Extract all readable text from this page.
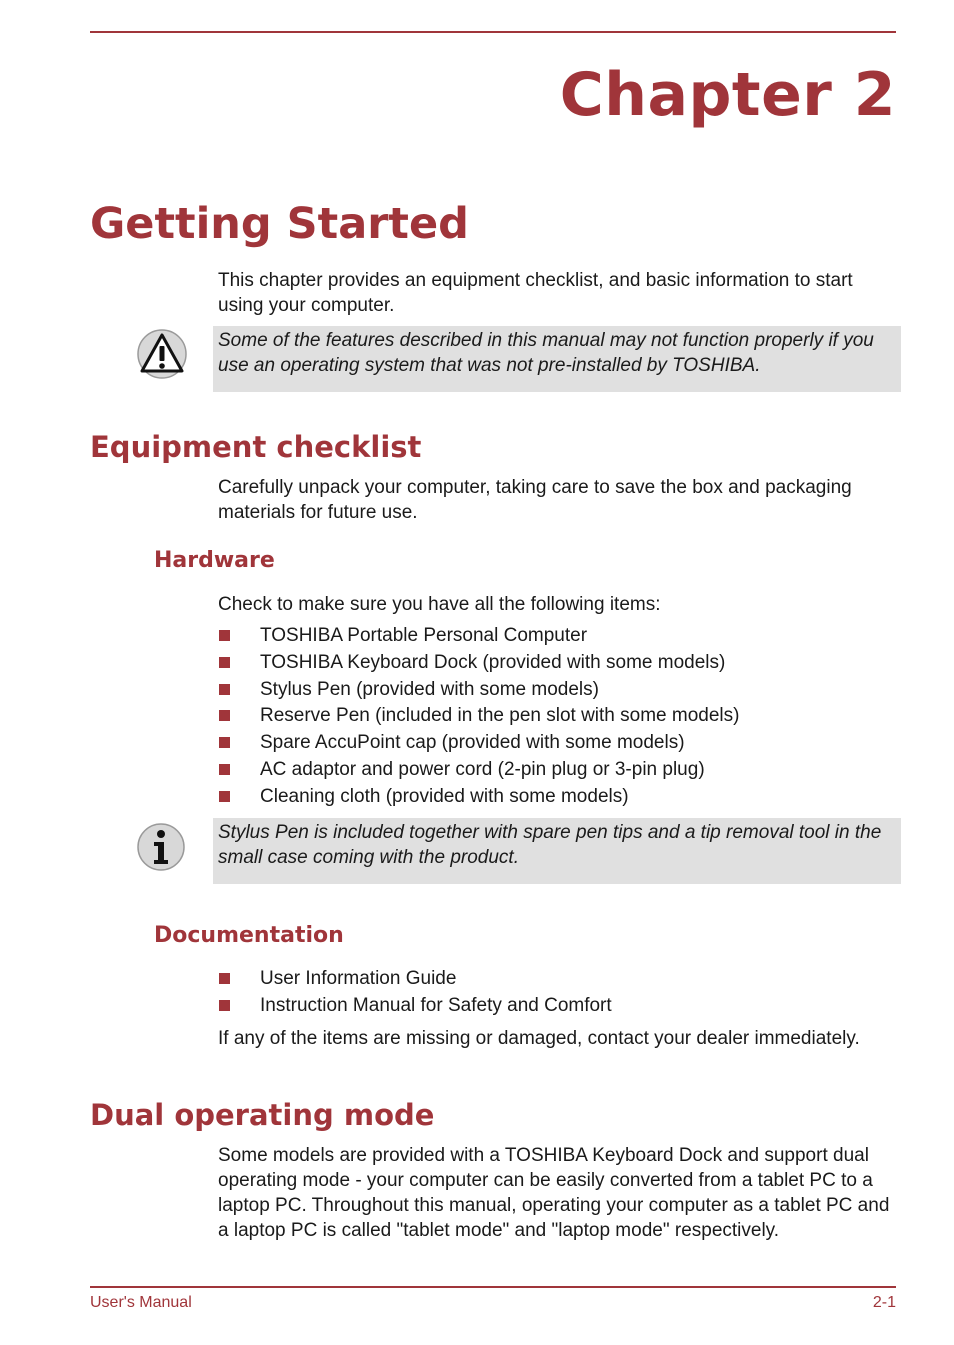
Chapter 2
Getting Started

This chapter provides an equipment checklist, and basic information to start using your computer.

Some of the features described in this manual may not function properly if you use an operating system that was not pre-installed by TOSHIBA.
Equipment checklist

Carefully unpack your computer, taking care to save the box and packaging materials for future use.

Hardware

Check to make sure you have all the following items:

TOSHIBA Portable Personal Computer
TOSHIBA Keyboard Dock (provided with some models)
Stylus Pen (provided with some models)
Reserve Pen (included in the pen slot with some models)
Spare AccuPoint cap (provided with some models)
AC adaptor and power cord (2-pin plug or 3-pin plug)
Cleaning cloth (provided with some models)
Stylus Pen is included together with spare pen tips and a tip removal tool in the small case coming with the product.
Documentation
User Information Guide
Instruction Manual for Safety and Comfort

If any of the items are missing or damaged, contact your dealer immediately.

Dual operating mode

Some models are provided with a TOSHIBA Keyboard Dock and support dual operating mode - your computer can be easily converted from a tablet PC to a laptop PC. Throughout this manual, operating your computer as a tablet PC and a laptop PC is called "tablet mode" and "laptop mode" respectively.

User's Manual	2-1
